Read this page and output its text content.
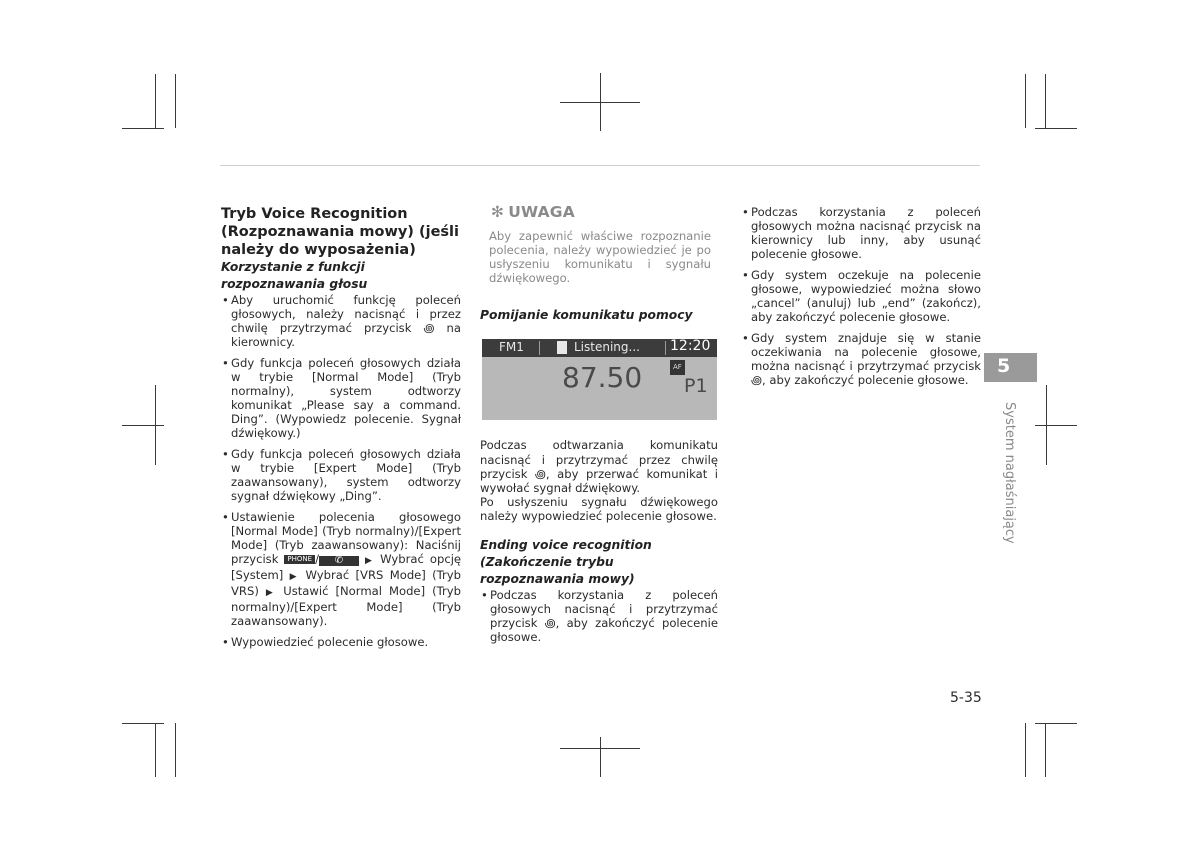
Tryb Voice Recognition (Rozpoznawania mowy) (jeśli należy do wyposażenia)
Korzystanie z funkcji rozpoznawania głosu
• Aby uruchomić funkcję poleceń głosowych, należy nacisnąć i przez chwilę przytrzymać przycisk ꩜ na kierownicy.
• Gdy funkcja poleceń głosowych działa w trybie [Normal Mode] (Tryb normalny), system odtworzy komunikat „Please say a command. Ding”. (Wypowiedz polecenie. Sygnał dźwiękowy.)
• Gdy funkcja poleceń głosowych działa w trybie [Expert Mode] (Tryb zaawansowany), system odtworzy sygnał dźwiękowy „Ding”.
• Ustawienie polecenia głosowego [Normal Mode] (Tryb normalny)/[Expert Mode] (Tryb zaawansowany): Naciśnij przycisk PHONE / ✆ ▶ Wybrać opcję [System] ▶ Wybrać [VRS Mode] (Tryb VRS) ▶ Ustawić [Normal Mode] (Tryb normalny)/[Expert Mode] (Tryb zaawansowany).
• Wypowiedzieć polecenie głosowe.
✻ UWAGA

Aby zapewnić właściwe rozpoznanie polecenia, należy wypowiedzieć je po usłyszeniu komunikatu i sygnału dźwiękowego.

Pomijanie komunikatu pomocy
FM1	Listening... 12:20
AF
87.50 P1

Podczas odtwarzania komunikatu nacisnąć i przytrzymać przez chwilę przycisk ꩜, aby przerwać komunikat i wywołać sygnał dźwiękowy.

Po usłyszeniu sygnału dźwiękowego należy wypowiedzieć polecenie głosowe.

Ending voice recognition (Zakończenie trybu rozpoznawania mowy)
• Podczas korzystania z poleceń głosowych nacisnąć i przytrzymać przycisk ꩜, aby zakończyć polecenie głosowe.
• Podczas korzystania z poleceń głosowych można nacisnąć przycisk na kierownicy lub inny, aby usunąć polecenie głosowe.
• Gdy system oczekuje na polecenie głosowe, wypowiedzieć można słowo „cancel” (anuluj) lub „end” (zakończ), aby zakończyć polecenie głosowe.
• Gdy system znajduje się w stanie oczekiwania na polecenie głosowe, można nacisnąć i przytrzymać przycisk ꩜, aby zakończyć polecenie głosowe.
5
System nagłaśniający
5-35
